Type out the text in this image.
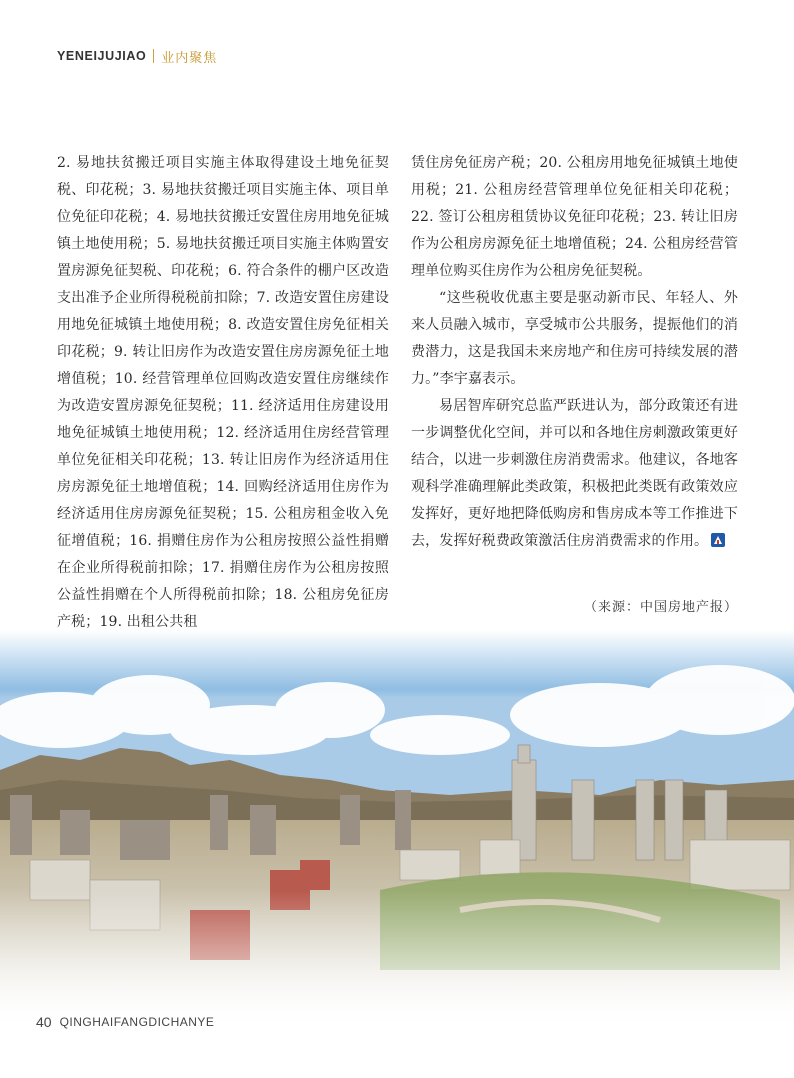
YENEIJUJIAO 业内聚焦

2. 易地扶贫搬迁项目实施主体取得建设土地免征契税、印花税；3. 易地扶贫搬迁项目实施主体、项目单位免征印花税；4. 易地扶贫搬迁安置住房用地免征城镇土地使用税；5. 易地扶贫搬迁项目实施主体购置安置房源免征契税、印花税；6. 符合条件的棚户区改造支出准予企业所得税税前扣除；7. 改造安置住房建设用地免征城镇土地使用税；8. 改造安置住房免征相关印花税；9. 转让旧房作为改造安置住房房源免征土地增值税；10. 经营管理单位回购改造安置住房继续作为改造安置房源免征契税；11. 经济适用住房建设用地免征城镇土地使用税；12. 经济适用住房经营管理单位免征相关印花税；13. 转让旧房作为经济适用住房房源免征土地增值税；14. 回购经济适用住房作为经济适用住房房源免征契税；15. 公租房租金收入免征增值税；16. 捐赠住房作为公租房按照公益性捐赠在企业所得税前扣除；17. 捐赠住房作为公租房按照公益性捐赠在个人所得税前扣除；18. 公租房免征房产税；19. 出租公共租

赁住房免征房产税；20. 公租房用地免征城镇土地使用税；21. 公租房经营管理单位免征相关印花税；22. 签订公租房租赁协议免征印花税；23. 转让旧房作为公租房房源免征土地增值税；24. 公租房经营管理单位购买住房作为公租房免征契税。

“这些税收优惠主要是驱动新市民、年轻人、外来人员融入城市，享受城市公共服务，提振他们的消费潜力，这是我国未来房地产和住房可持续发展的潜力。”李宇嘉表示。

易居智库研究总监严跃进认为，部分政策还有进一步调整优化空间，并可以和各地住房刺激政策更好结合，以进一步刺激住房消费需求。他建议，各地客观科学准确理解此类政策，积极把此类既有政策效应发挥好，更好地把降低购房和售房成本等工作推进下去，发挥好税费政策激活住房消费需求的作用。

（来源：中国房地产报）
40 QINGHAIFANGDICHANYE
